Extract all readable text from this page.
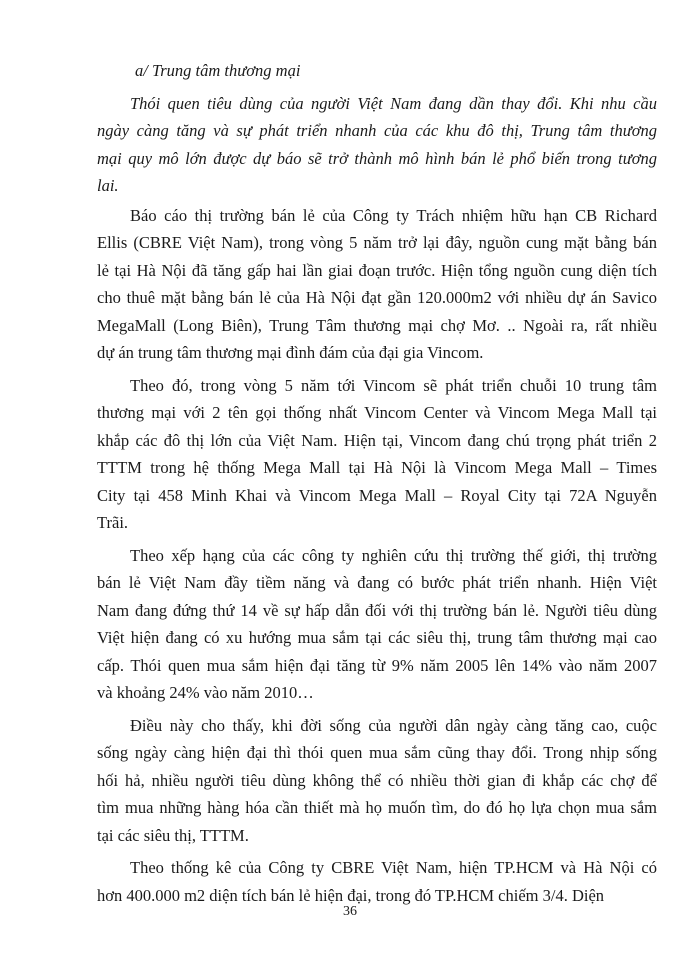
a/ Trung tâm thương mại

Thói quen tiêu dùng của người Việt Nam đang dần thay đổi. Khi nhu cầu
ngày càng tăng và sự phát triển nhanh của các khu đô thị, Trung tâm thương
mại quy mô lớn được dự báo sẽ trở thành mô hình bán lẻ phổ biến trong tương
lai.

Báo cáo thị trường bán lẻ của Công ty Trách nhiệm hữu hạn CB Richard
Ellis (CBRE Việt Nam), trong vòng 5 năm trở lại đây, nguồn cung mặt bằng bán
lẻ tại Hà Nội đã tăng gấp hai lần giai đoạn trước. Hiện tổng nguồn cung diện tích
cho thuê mặt bằng bán lẻ của Hà Nội đạt gần 120.000m2 với nhiều dự án Savico
MegaMall (Long Biên), Trung Tâm thương mại chợ Mơ. .. Ngoài ra, rất nhiều
dự án trung tâm thương mại đình đám của đại gia Vincom.

Theo đó, trong vòng 5 năm tới Vincom sẽ phát triển chuỗi 10 trung tâm
thương mại với 2 tên gọi thống nhất Vincom Center và Vincom Mega Mall tại
khắp các đô thị lớn của Việt Nam. Hiện tại, Vincom đang chú trọng phát triển 2
TTTM trong hệ thống Mega Mall tại Hà Nội là Vincom Mega Mall – Times
City tại 458 Minh Khai và Vincom Mega Mall – Royal City tại 72A Nguyễn
Trãi.

Theo xếp hạng của các công ty nghiên cứu thị trường thế giới, thị trường
bán lẻ Việt Nam đầy tiềm năng và đang có bước phát triển nhanh. Hiện Việt
Nam đang đứng thứ 14 về sự hấp dẫn đối với thị trường bán lẻ. Người tiêu dùng
Việt hiện đang có xu hướng mua sắm tại các siêu thị, trung tâm thương mại cao
cấp. Thói quen mua sắm hiện đại tăng từ 9% năm 2005 lên 14% vào năm 2007
và khoảng 24% vào năm 2010…

Điều này cho thấy, khi đời sống của người dân ngày càng tăng cao, cuộc
sống ngày càng hiện đại thì thói quen mua sắm cũng thay đổi. Trong nhịp sống
hối hả, nhiều người tiêu dùng không thể có nhiều thời gian đi khắp các chợ để
tìm mua những hàng hóa cần thiết mà họ muốn tìm, do đó họ lựa chọn mua sắm
tại các siêu thị, TTTM.

Theo thống kê của Công ty CBRE Việt Nam, hiện TP.HCM và Hà Nội có
hơn 400.000 m2 diện tích bán lẻ hiện đại, trong đó TP.HCM chiếm 3/4. Diện

36
